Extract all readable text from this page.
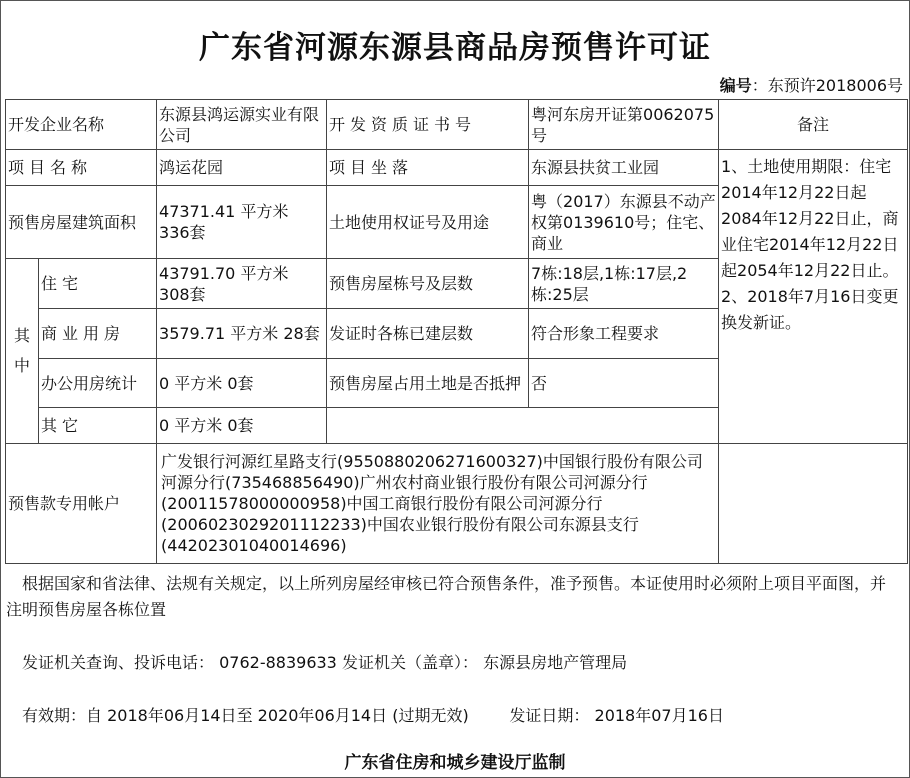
广东省河源东源县商品房预售许可证
编号：东预许2018006号
开发企业名称		东源县鸿运源实业有限公司	开发资质证书号	粤河东房开证第0062075号	备注	
项目名称		鸿运花园	项目坐落	东源县扶贫工业园	1、土地使用期限：住宅2014年12月22日起2084年12月22日止，商业住宅2014年12月22日起2054年12月22日止。2、2018年7月16日变更换发新证。	
预售房屋建筑面积		47371.41 平方米 336套	土地使用权证号及用途	粤（2017）东源县不动产权第0139610号；住宅、商业		
其
中	住宅	43791.70 平方米 308套	预售房屋栋号及层数	7栋:18层,1栋:17层,2栋:25层		
	商业用房	3579.71 平方米 28套	发证时各栋已建层数	符合形象工程要求		
	办公用房统计	0 平方米 0套	预售房屋占用土地是否抵押	否		
	其它	0 平方米 0套				
预售款专用帐户		广发银行河源红星路支行(9550880206271600327)中国银行股份有限公司河源分行(735468856490)广州农村商业银行股份有限公司河源分行(20011578000000958)中国工商银行股份有限公司河源分行(2006023029201112233)中国农业银行股份有限公司东源县支行(44202301040014696)				
根据国家和省法律、法规有关规定，以上所列房屋经审核已符合预售条件，准予预售。本证使用时必须附上项目平面图，并注明预售房屋各栋位置
发证机关查询、投诉电话： 0762-8839633 发证机关（盖章）： 东源县房地产管理局
有效期：自 2018年06月14日至 2020年06月14日 (过期无效)	发证日期： 2018年07月16日
广东省住房和城乡建设厅监制
